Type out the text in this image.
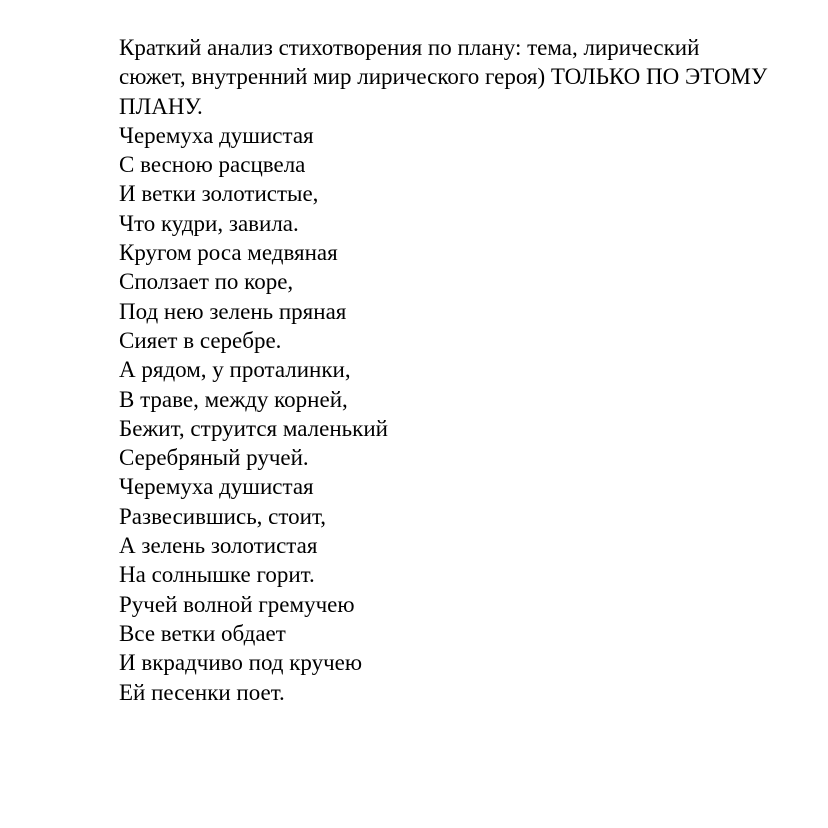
Краткий анализ стихотворения по плану: тема, лирический сюжет, внутренний мир лирического героя) ТОЛЬКО ПО ЭТОМУ ПЛАНУ.

Черемуха душистая

С весною расцвела

И ветки золотистые,

Что кудри, завила.

Кругом роса медвяная

Сползает по коре,

Под нею зелень пряная

Сияет в серебре.

А рядом, у проталинки,

В траве, между корней,

Бежит, струится маленький

Серебряный ручей.

Черемуха душистая

Развесившись, стоит,

А зелень золотистая

На солнышке горит.

Ручей волной гремучею

Все ветки обдает

И вкрадчиво под кручею

Ей песенки поет.
